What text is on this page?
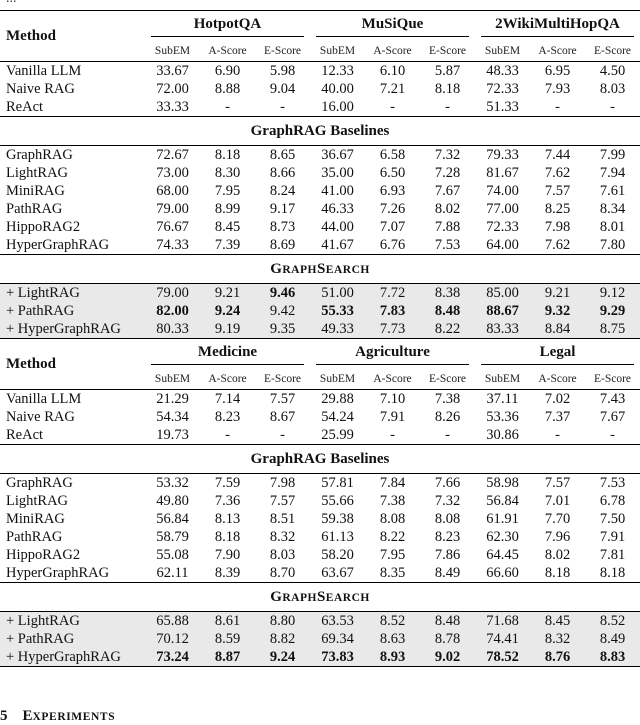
Method	HotpotQA			MuSiQue			2WikiMultiHopQA		

	SubEM	A-Score	E-Score	SubEM	A-Score	E-Score	SubEM	A-Score	E-Score
Vanilla LLM	33.67	6.90	5.98	12.33	6.10	5.87	48.33	6.95	4.50
Naive RAG	72.00	8.88	9.04	40.00	7.21	8.18	72.33	7.93	8.03
ReAct	33.33	-	-	16.00	-	-	51.33	-	-
GraphRAG Baselines									
GraphRAG	72.67	8.18	8.65	36.67	6.58	7.32	79.33	7.44	7.99
LightRAG	73.00	8.30	8.66	35.00	6.50	7.28	81.67	7.62	7.94
MiniRAG	68.00	7.95	8.24	41.00	6.93	7.67	74.00	7.57	7.61
PathRAG	79.00	8.99	9.17	46.33	7.26	8.02	77.00	8.25	8.34
HippoRAG2	76.67	8.45	8.73	44.00	7.07	7.88	72.33	7.98	8.01
HyperGraphRAG	74.33	7.39	8.69	41.67	6.76	7.53	64.00	7.62	7.80
GRAPHSEARCH									
+ LightRAG	79.00	9.21	9.46	51.00	7.72	8.38	85.00	9.21	9.12
+ PathRAG	82.00	9.24	9.42	55.33	7.83	8.48	88.67	9.32	9.29
+ HyperGraphRAG	80.33	9.19	9.35	49.33	7.73	8.22	83.33	8.84	8.75
Method	Medicine			Agriculture			Legal		

	SubEM	A-Score	E-Score	SubEM	A-Score	E-Score	SubEM	A-Score	E-Score
Vanilla LLM	21.29	7.14	7.57	29.88	7.10	7.38	37.11	7.02	7.43
Naive RAG	54.34	8.23	8.67	54.24	7.91	8.26	53.36	7.37	7.67
ReAct	19.73	-	-	25.99	-	-	30.86	-	-
GraphRAG Baselines									
GraphRAG	53.32	7.59	7.98	57.81	7.84	7.66	58.98	7.57	7.53
LightRAG	49.80	7.36	7.57	55.66	7.38	7.32	56.84	7.01	6.78
MiniRAG	56.84	8.13	8.51	59.38	8.08	8.08	61.91	7.70	7.50
PathRAG	58.79	8.18	8.32	61.13	8.22	8.23	62.30	7.96	7.91
HippoRAG2	55.08	7.90	8.03	58.20	7.95	7.86	64.45	8.02	7.81
HyperGraphRAG	62.11	8.39	8.70	63.67	8.35	8.49	66.60	8.18	8.18
GRAPHSEARCH									
+ LightRAG	65.88	8.61	8.80	63.53	8.52	8.48	71.68	8.45	8.52
+ PathRAG	70.12	8.59	8.82	69.34	8.63	8.78	74.41	8.32	8.49
+ HyperGraphRAG	73.24	8.87	9.24	73.83	8.93	9.02	78.52	8.76	8.83
5 EXPERIMENTS
